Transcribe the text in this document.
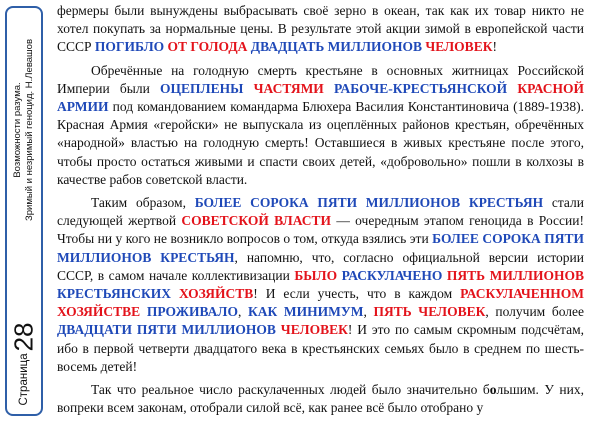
Возможности разума. Зримый и незримый геноцид. Н.Левашов
Страница28

фермеры были вынуждены выбрасывать своё зерно в океан, так как их товар никто не хотел покупать за нормальные цены. В результате этой акции зимой в европейской части СССР ПОГИБЛО ОТ ГОЛОДА ДВАДЦАТЬ МИЛЛИОНОВ ЧЕЛОВЕК!

Обречённые на голодную смерть крестьяне в основных житницах Российской Империи были ОЦЕПЛЕНЫ ЧАСТЯМИ РАБОЧЕ-КРЕСТЬЯНСКОЙ КРАСНОЙ АРМИИ под командованием командарма Блюхера Василия Константиновича (1889-1938). Красная Армия «геройски» не выпускала из оцеплённых районов крестьян, обречённых «народной» властью на голодную смерть! Оставшиеся в живых крестьяне после этого, чтобы просто остаться живыми и спасти своих детей, «добровольно» пошли в колхозы в качестве рабов советской власти.

Таким образом, БОЛЕЕ СОРОКА ПЯТИ МИЛЛИОНОВ КРЕСТЬЯН стали следующей жертвой СОВЕТСКОЙ ВЛАСТИ — очередным этапом геноцида в России! Чтобы ни у кого не возникло вопросов о том, откуда взялись эти БОЛЕЕ СОРОКА ПЯТИ МИЛЛИОНОВ КРЕСТЬЯН, напомню, что, согласно официальной версии истории СССР, в самом начале коллективизации БЫЛО РАСКУЛАЧЕНО ПЯТЬ МИЛЛИОНОВ КРЕСТЬЯНСКИХ ХОЗЯЙСТВ! И если учесть, что в каждом РАСКУЛАЧЕННОМ ХОЗЯЙСТВЕ ПРОЖИВАЛО, КАК МИНИМУМ, ПЯТЬ ЧЕЛОВЕК, получим более ДВАДЦАТИ ПЯТИ МИЛЛИОНОВ ЧЕЛОВЕК! И это по самым скромным подсчётам, ибо в первой четверти двадцатого века в крестьянских семьях было в среднем по шесть-восемь детей!

Так что реальное число раскулаченных людей было значительно большим. У них, вопреки всем законам, отобрали силой всё, как ранее всё было отобрано у
